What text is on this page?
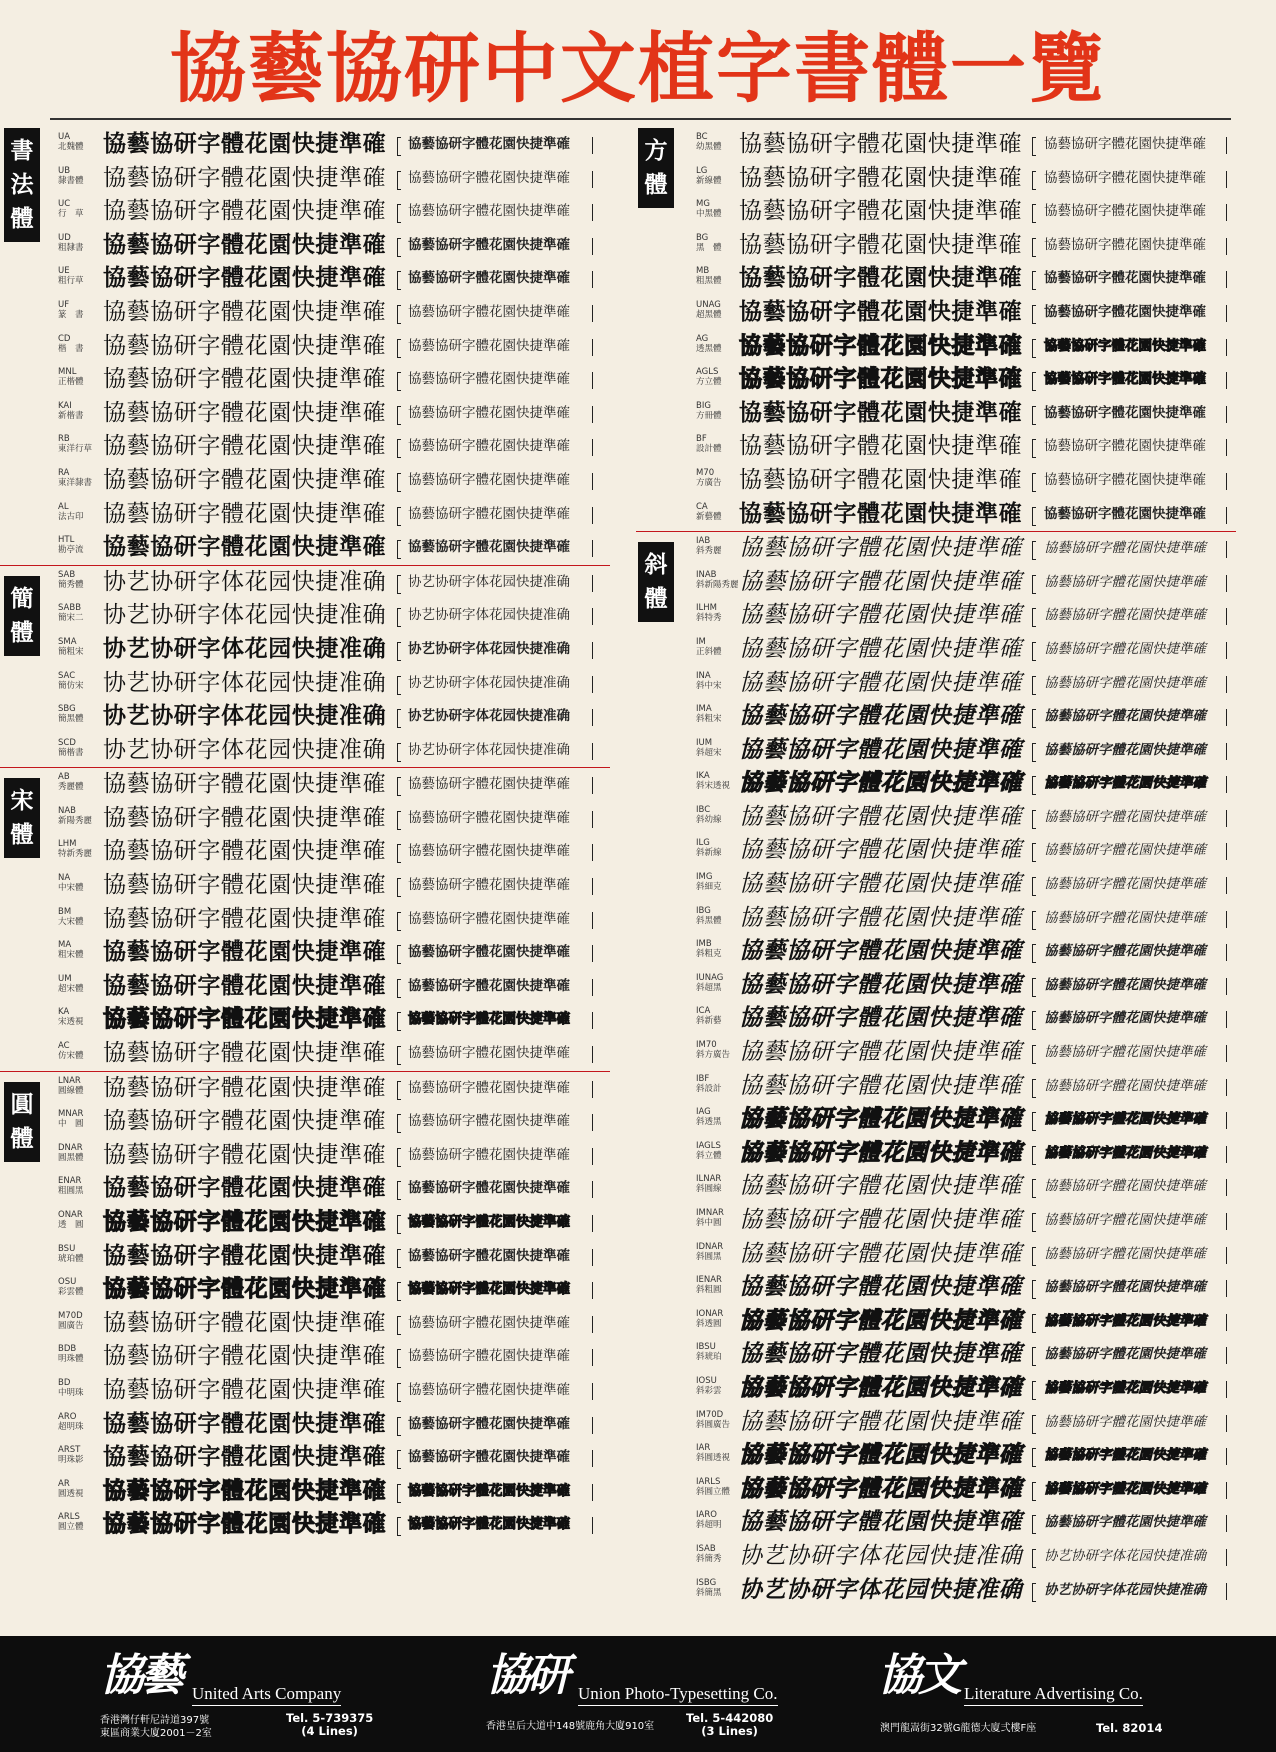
協藝協研中文植字書體一覽
書
法
體
UA
北魏體 協藝協研字體花園快捷準確 協藝協研字體花園快捷準確
UB
隸書體 協藝協研字體花園快捷準確 協藝協研字體花園快捷準確
UC
行　草 協藝協研字體花園快捷準確 協藝協研字體花園快捷準確
UD
粗隸書 協藝協研字體花園快捷準確 協藝協研字體花園快捷準確
UE
粗行草 協藝協研字體花園快捷準確 協藝協研字體花園快捷準確
UF
篆　書 協藝協研字體花園快捷準確 協藝協研字體花園快捷準確
CD
楷　書 協藝協研字體花園快捷準確 協藝協研字體花園快捷準確
MNL
正楷體 協藝協研字體花園快捷準確 協藝協研字體花園快捷準確
KAI
新楷書 協藝協研字體花園快捷準確 協藝協研字體花園快捷準確
RB
東洋行草 協藝協研字體花園快捷準確 協藝協研字體花園快捷準確
RA
東洋隸書 協藝協研字體花園快捷準確 協藝協研字體花園快捷準確
AL
法古印 協藝協研字體花園快捷準確 協藝協研字體花園快捷準確
HTL
勘亭流 協藝協研字體花園快捷準確 協藝協研字體花園快捷準確
簡
體
SAB
簡秀體 协艺协研字体花园快捷准确 协艺协研字体花园快捷准确
SABB
簡宋二 协艺协研字体花园快捷准确 协艺协研字体花园快捷准确
SMA
簡粗宋 协艺协研字体花园快捷准确 协艺协研字体花园快捷准确
SAC
簡仿宋 协艺协研字体花园快捷准确 协艺协研字体花园快捷准确
SBG
簡黑體 协艺协研字体花园快捷准确 协艺协研字体花园快捷准确
SCD
簡楷書 协艺协研字体花园快捷准确 协艺协研字体花园快捷准确
宋
體
AB
秀麗體 協藝協研字體花園快捷準確 協藝協研字體花園快捷準確
NAB
新陽秀麗 協藝協研字體花園快捷準確 協藝協研字體花園快捷準確
LHM
特新秀麗 協藝協研字體花園快捷準確 協藝協研字體花園快捷準確
NA
中宋體 協藝協研字體花園快捷準確 協藝協研字體花園快捷準確
BM
大宋體 協藝協研字體花園快捷準確 協藝協研字體花園快捷準確
MA
粗宋體 協藝協研字體花園快捷準確 協藝協研字體花園快捷準確
UM
超宋體 協藝協研字體花園快捷準確 協藝協研字體花園快捷準確
KA
宋透視 協藝協研字體花園快捷準確 協藝協研字體花園快捷準確
AC
仿宋體 協藝協研字體花園快捷準確 協藝協研字體花園快捷準確
圓
體
LNAR
圓線體 協藝協研字體花園快捷準確 協藝協研字體花園快捷準確
MNAR
中　圓 協藝協研字體花園快捷準確 協藝協研字體花園快捷準確
DNAR
圓黑體 協藝協研字體花園快捷準確 協藝協研字體花園快捷準確
ENAR
粗圓黑 協藝協研字體花園快捷準確 協藝協研字體花園快捷準確
ONAR
透　圓 協藝協研字體花園快捷準確 協藝協研字體花園快捷準確
BSU
琥珀體 協藝協研字體花園快捷準確 協藝協研字體花園快捷準確
OSU
彩雲體 協藝協研字體花園快捷準確 協藝協研字體花園快捷準確
M70D
圓廣告 協藝協研字體花園快捷準確 協藝協研字體花園快捷準確
BDB
明珠體 協藝協研字體花園快捷準確 協藝協研字體花園快捷準確
BD
中明珠 協藝協研字體花園快捷準確 協藝協研字體花園快捷準確
ARO
超明珠 協藝協研字體花園快捷準確 協藝協研字體花園快捷準確
ARST
明珠影 協藝協研字體花園快捷準確 協藝協研字體花園快捷準確
AR
圓透視 協藝協研字體花園快捷準確 協藝協研字體花園快捷準確
ARLS
圓立體 協藝協研字體花園快捷準確 協藝協研字體花園快捷準確
方
體
BC
幼黑體 協藝協研字體花園快捷準確 協藝協研字體花園快捷準確
LG
新線體 協藝協研字體花園快捷準確 協藝協研字體花園快捷準確
MG
中黑體 協藝協研字體花園快捷準確 協藝協研字體花園快捷準確
BG
黑　體 協藝協研字體花園快捷準確 協藝協研字體花園快捷準確
MB
粗黑體 協藝協研字體花園快捷準確 協藝協研字體花園快捷準確
UNAG
超黑體 協藝協研字體花園快捷準確 協藝協研字體花園快捷準確
AG
透黑體 協藝協研字體花園快捷準確 協藝協研字體花園快捷準確
AGLS
方立體 協藝協研字體花園快捷準確 協藝協研字體花園快捷準確
BIG
方冊體 協藝協研字體花園快捷準確 協藝協研字體花園快捷準確
BF
設計體 協藝協研字體花園快捷準確 協藝協研字體花園快捷準確
M70
方廣告 協藝協研字體花園快捷準確 協藝協研字體花園快捷準確
CA
新藝體 協藝協研字體花園快捷準確 協藝協研字體花園快捷準確
斜
體
IAB
斜秀麗 協藝協研字體花園快捷準確 協藝協研字體花園快捷準確
INAB
斜新陽秀麗 協藝協研字體花園快捷準確 協藝協研字體花園快捷準確
ILHM
斜特秀 協藝協研字體花園快捷準確 協藝協研字體花園快捷準確
IM
正斜體 協藝協研字體花園快捷準確 協藝協研字體花園快捷準確
INA
斜中宋 協藝協研字體花園快捷準確 協藝協研字體花園快捷準確
IMA
斜粗宋 協藝協研字體花園快捷準確 協藝協研字體花園快捷準確
IUM
斜超宋 協藝協研字體花園快捷準確 協藝協研字體花園快捷準確
IKA
斜宋透視 協藝協研字體花園快捷準確 協藝協研字體花園快捷準確
IBC
斜幼線 協藝協研字體花園快捷準確 協藝協研字體花園快捷準確
ILG
斜新線 協藝協研字體花園快捷準確 協藝協研字體花園快捷準確
IMG
斜細克 協藝協研字體花園快捷準確 協藝協研字體花園快捷準確
IBG
斜黑體 協藝協研字體花園快捷準確 協藝協研字體花園快捷準確
IMB
斜粗克 協藝協研字體花園快捷準確 協藝協研字體花園快捷準確
IUNAG
斜超黑 協藝協研字體花園快捷準確 協藝協研字體花園快捷準確
ICA
斜新藝 協藝協研字體花園快捷準確 協藝協研字體花園快捷準確
IM70
斜方廣告 協藝協研字體花園快捷準確 協藝協研字體花園快捷準確
IBF
斜設計 協藝協研字體花園快捷準確 協藝協研字體花園快捷準確
IAG
斜透黑 協藝協研字體花園快捷準確 協藝協研字體花園快捷準確
IAGLS
斜立體 協藝協研字體花園快捷準確 協藝協研字體花園快捷準確
ILNAR
斜圓線 協藝協研字體花園快捷準確 協藝協研字體花園快捷準確
IMNAR
斜中圓 協藝協研字體花園快捷準確 協藝協研字體花園快捷準確
IDNAR
斜圓黑 協藝協研字體花園快捷準確 協藝協研字體花園快捷準確
IENAR
斜粗圓 協藝協研字體花園快捷準確 協藝協研字體花園快捷準確
IONAR
斜透圓 協藝協研字體花園快捷準確 協藝協研字體花園快捷準確
IBSU
斜琥珀 協藝協研字體花園快捷準確 協藝協研字體花園快捷準確
IOSU
斜彩雲 協藝協研字體花園快捷準確 協藝協研字體花園快捷準確
IM70D
斜圓廣告 協藝協研字體花園快捷準確 協藝協研字體花園快捷準確
IAR
斜圓透視 協藝協研字體花園快捷準確 協藝協研字體花園快捷準確
IARLS
斜圓立體 協藝協研字體花園快捷準確 協藝協研字體花園快捷準確
IARO
斜超明 協藝協研字體花園快捷準確 協藝協研字體花園快捷準確
ISAB
斜簡秀 协艺协研字体花园快捷准确 协艺协研字体花园快捷准确
ISBG
斜簡黑 协艺协研字体花园快捷准确 协艺协研字体花园快捷准确
協藝 United Arts Company
香港灣仔軒尼詩道397號
東區商業大廈2001－2室
Tel. 5-739375
(4 Lines)
協研 Union Photo-Typesetting Co.
香港皇后大道中148號鹿角大廈910室
Tel. 5-442080
(3 Lines)
協文 Literature Advertising Co.
澳門龍嵩街32號G龍德大廈弍樓F座	Tel. 82014
